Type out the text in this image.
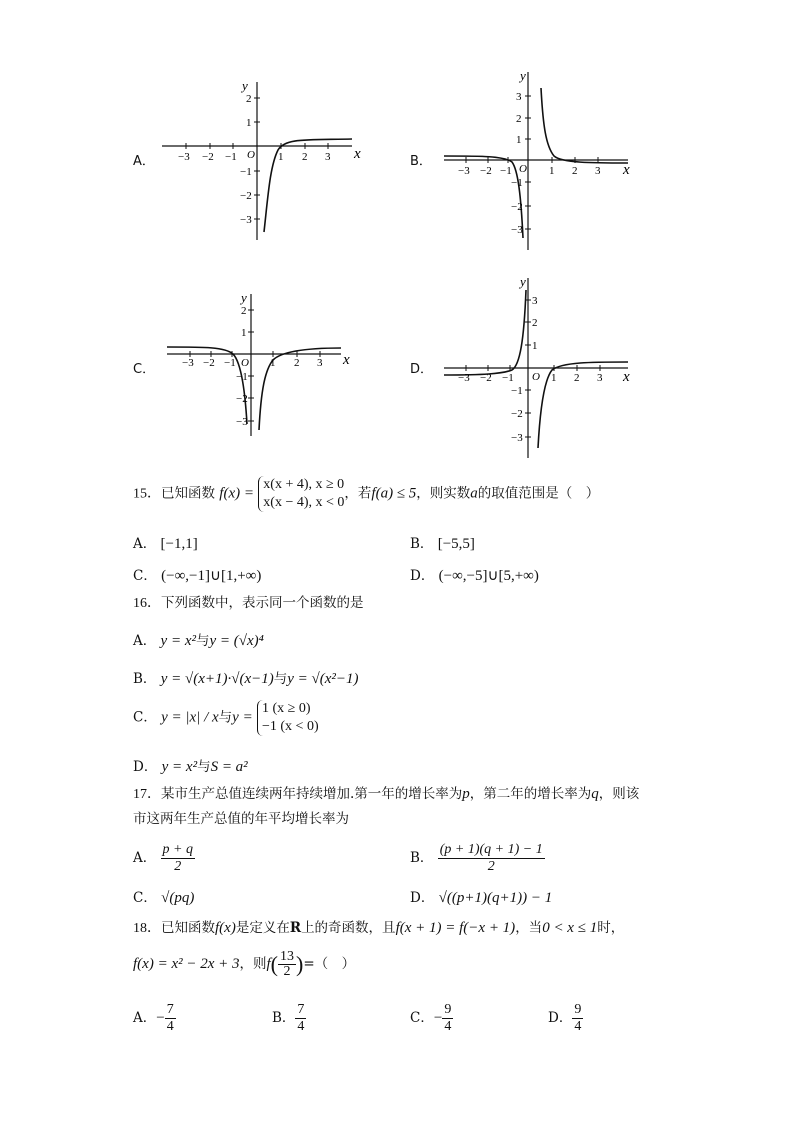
A．
y
x
O
−3 −2 −1	1 2 3
2
1
−1
−2
−3
B．
y
x
O
−3 −2 −1	1 2 3
3
2
1
−1
−2
−3
C．
y
x
O
−3 −2 −1	1 2 3
2
1
−1
−2
−3
D．
y
x
O
−3 −2 −1	1 2 3
3
2
1
−1
−2
−3
15．已知函数 f(x) =
x(x + 4), x ≥ 0
x(x − 4), x < 0
，若f(a) ≤ 5，则实数a的取值范围是（　）
A． [−1,1]	B． [−5,5]
C． (−∞,−1]∪[1,+∞)	D． (−∞,−5]∪[5,+∞)
16．下列函数中，表示同一个函数的是
A． y = x²与y = (√x)⁴
B． y = √(x+1)·√(x−1)与y = √(x²−1)
C． y = |x| / x与y =
1 (x ≥ 0)
−1 (x < 0)
D． y = x²与S = a²
17．某市生产总值连续两年持续增加.第一年的增长率为p，第二年的增长率为q，则该
市这两年生产总值的年平均增长率为
A． $\frac{p + q}{2}$	B． $\frac{(p + 1)(q + 1) - 1}{2}$
C． √(pq)	D． √((p+1)(q+1)) − 1
18．已知函数f(x)是定义在R上的奇函数，且f(x + 1) = f(−x + 1)，当0 < x ≤ 1时，
f(x) = x² − 2x + 3，则$f( \frac{13}{2}$ )=（　）
A．− $\frac{7}{4}$	B． $\frac{7}{4}$	C．− $\frac{9}{4}$	D． $\frac{9}{4}$
